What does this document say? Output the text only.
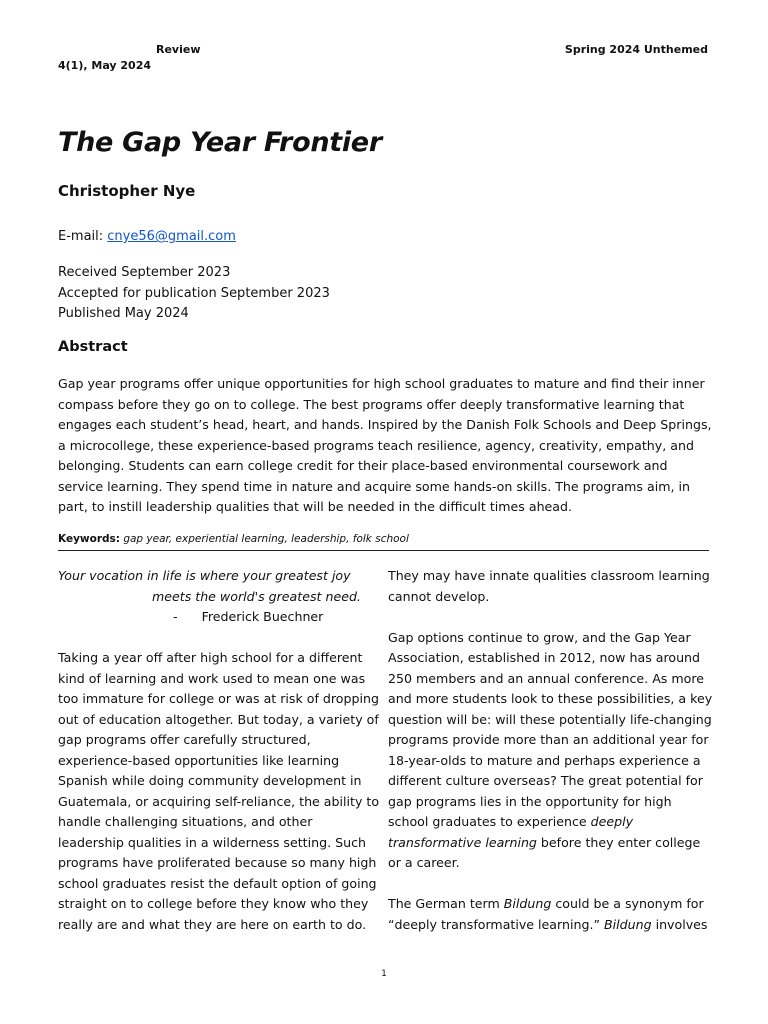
Review
4(1), May 2024
Spring 2024 Unthemed
The Gap Year Frontier
Christopher Nye
E-mail: cnye56@gmail.com
Received September 2023
Accepted for publication September 2023
Published May 2024
Abstract

Gap year programs offer unique opportunities for high school graduates to mature and find their inner compass before they go on to college. The best programs offer deeply transformative learning that engages each student’s head, heart, and hands. Inspired by the Danish Folk Schools and Deep Springs, a microcollege, these experience-based programs teach resilience, agency, creativity, empathy, and belonging. Students can earn college credit for their place-based environmental coursework and service learning. They spend time in nature and acquire some hands-on skills. The programs aim, in part, to instill leadership qualities that will be needed in the difficult times ahead.

Keywords: gap year, experiential learning, leadership, folk school

Your vocation in life is where your greatest joy

meets the world's greatest need.

-      Frederick Buechner

Taking a year off after high school for a different kind of learning and work used to mean one was too immature for college or was at risk of dropping out of education altogether. But today, a variety of gap programs offer carefully structured, experience-based opportunities like learning Spanish while doing community development in Guatemala, or acquiring self-reliance, the ability to handle challenging situations, and other leadership qualities in a wilderness setting. Such programs have proliferated because so many high school graduates resist the default option of going straight on to college before they know who they really are and what they are here on earth to do.

They may have innate qualities classroom learning cannot develop.

Gap options continue to grow, and the Gap Year Association, established in 2012, now has around 250 members and an annual conference. As more and more students look to these possibilities, a key question will be: will these potentially life-changing programs provide more than an additional year for 18-year-olds to mature and perhaps experience a different culture overseas? The great potential for gap programs lies in the opportunity for high school graduates to experience deeply transformative learning before they enter college or a career.

The German term Bildung could be a synonym for “deeply transformative learning.” Bildung involves

1
